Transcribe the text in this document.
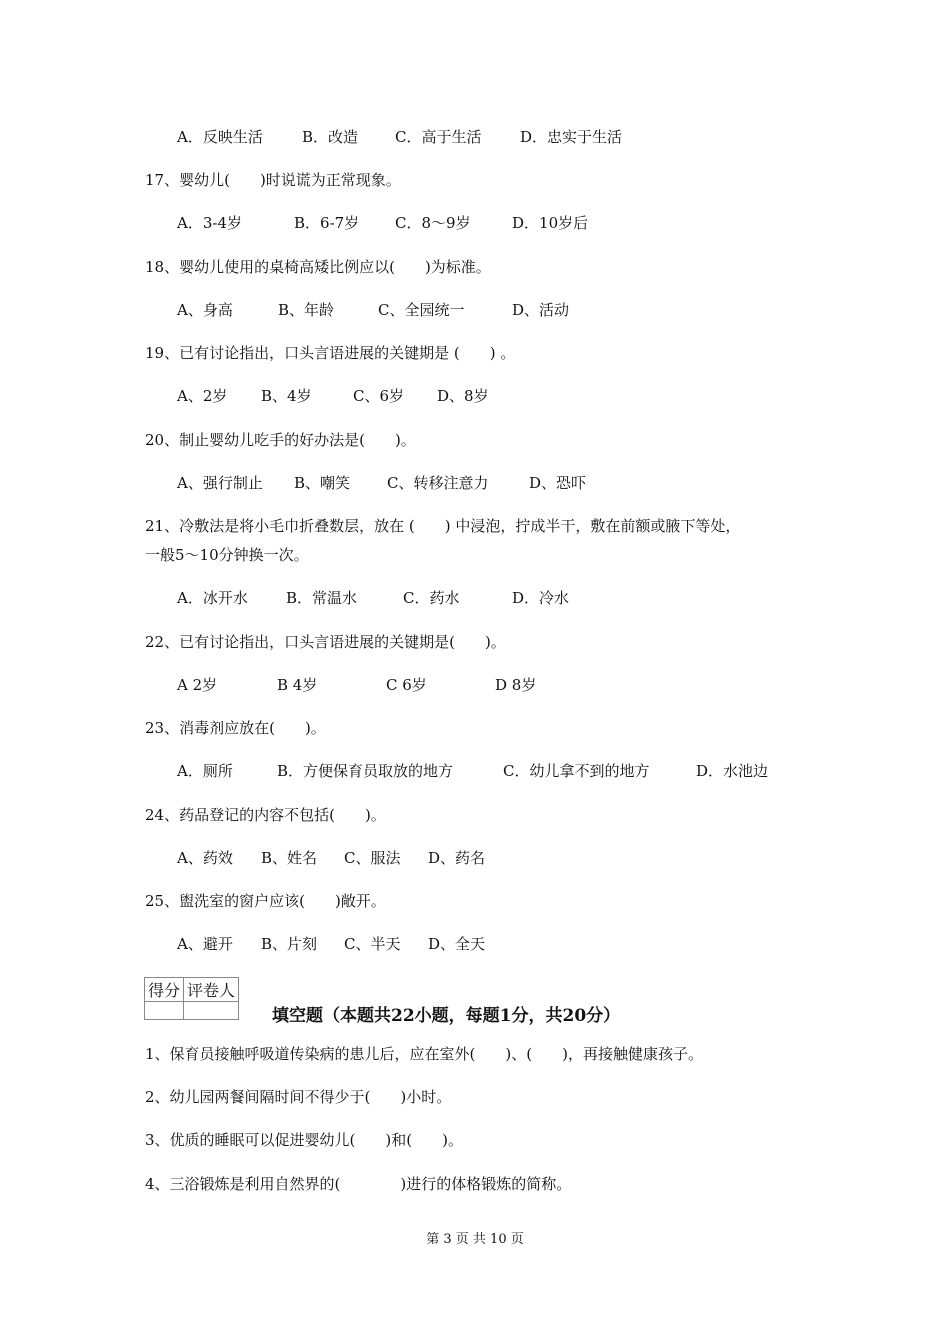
A．反映生活	B．改造 C．高于生活	D．忠实于生活
17、婴幼儿(　　)时说谎为正常现象。
A．3-4岁	B．6-7岁 C．8～9岁	D．10岁后
18、婴幼儿使用的桌椅高矮比例应以(　　)为标准。
A、身高	B、年龄	C、全园统一	D、活动
19、已有讨论指出，口头言语进展的关键期是 (　　) 。
A、2岁 B、4岁	C、6岁 D、8岁
20、制止婴幼儿吃手的好办法是(　　)。
A、强行制止 B、嘲笑 C、转移注意力	D、恐吓
21、冷敷法是将小毛巾折叠数层，放在 (　　) 中浸泡，拧成半干，敷在前额或腋下等处，
一般5～10分钟换一次。
A．冰开水	B．常温水	C．药水	D．冷水
22、已有讨论指出，口头言语进展的关键期是(　　)。
A 2岁	B 4岁	C 6岁	D 8岁
23、消毒剂应放在(　　)。
A．厕所	B．方便保育员取放的地方	C．幼儿拿不到的地方	D．水池边
24、药品登记的内容不包括(　　)。
A、药效 B、姓名 C、服法 D、药名
25、盥洗室的窗户应该(　　)敞开。
A、避开 B、片刻 C、半天 D、全天
得分	评卷人

填空题（本题共22小题，每题1分，共20分）
1、保育员接触呼吸道传染病的患儿后，应在室外(　　)、(　　)，再接触健康孩子。
2、幼儿园两餐间隔时间不得少于(　　)小时。
3、优质的睡眠可以促进婴幼儿(　　)和(　　)。
4、三浴锻炼是利用自然界的(　　　　)进行的体格锻炼的简称。
第 3 页 共 10 页
